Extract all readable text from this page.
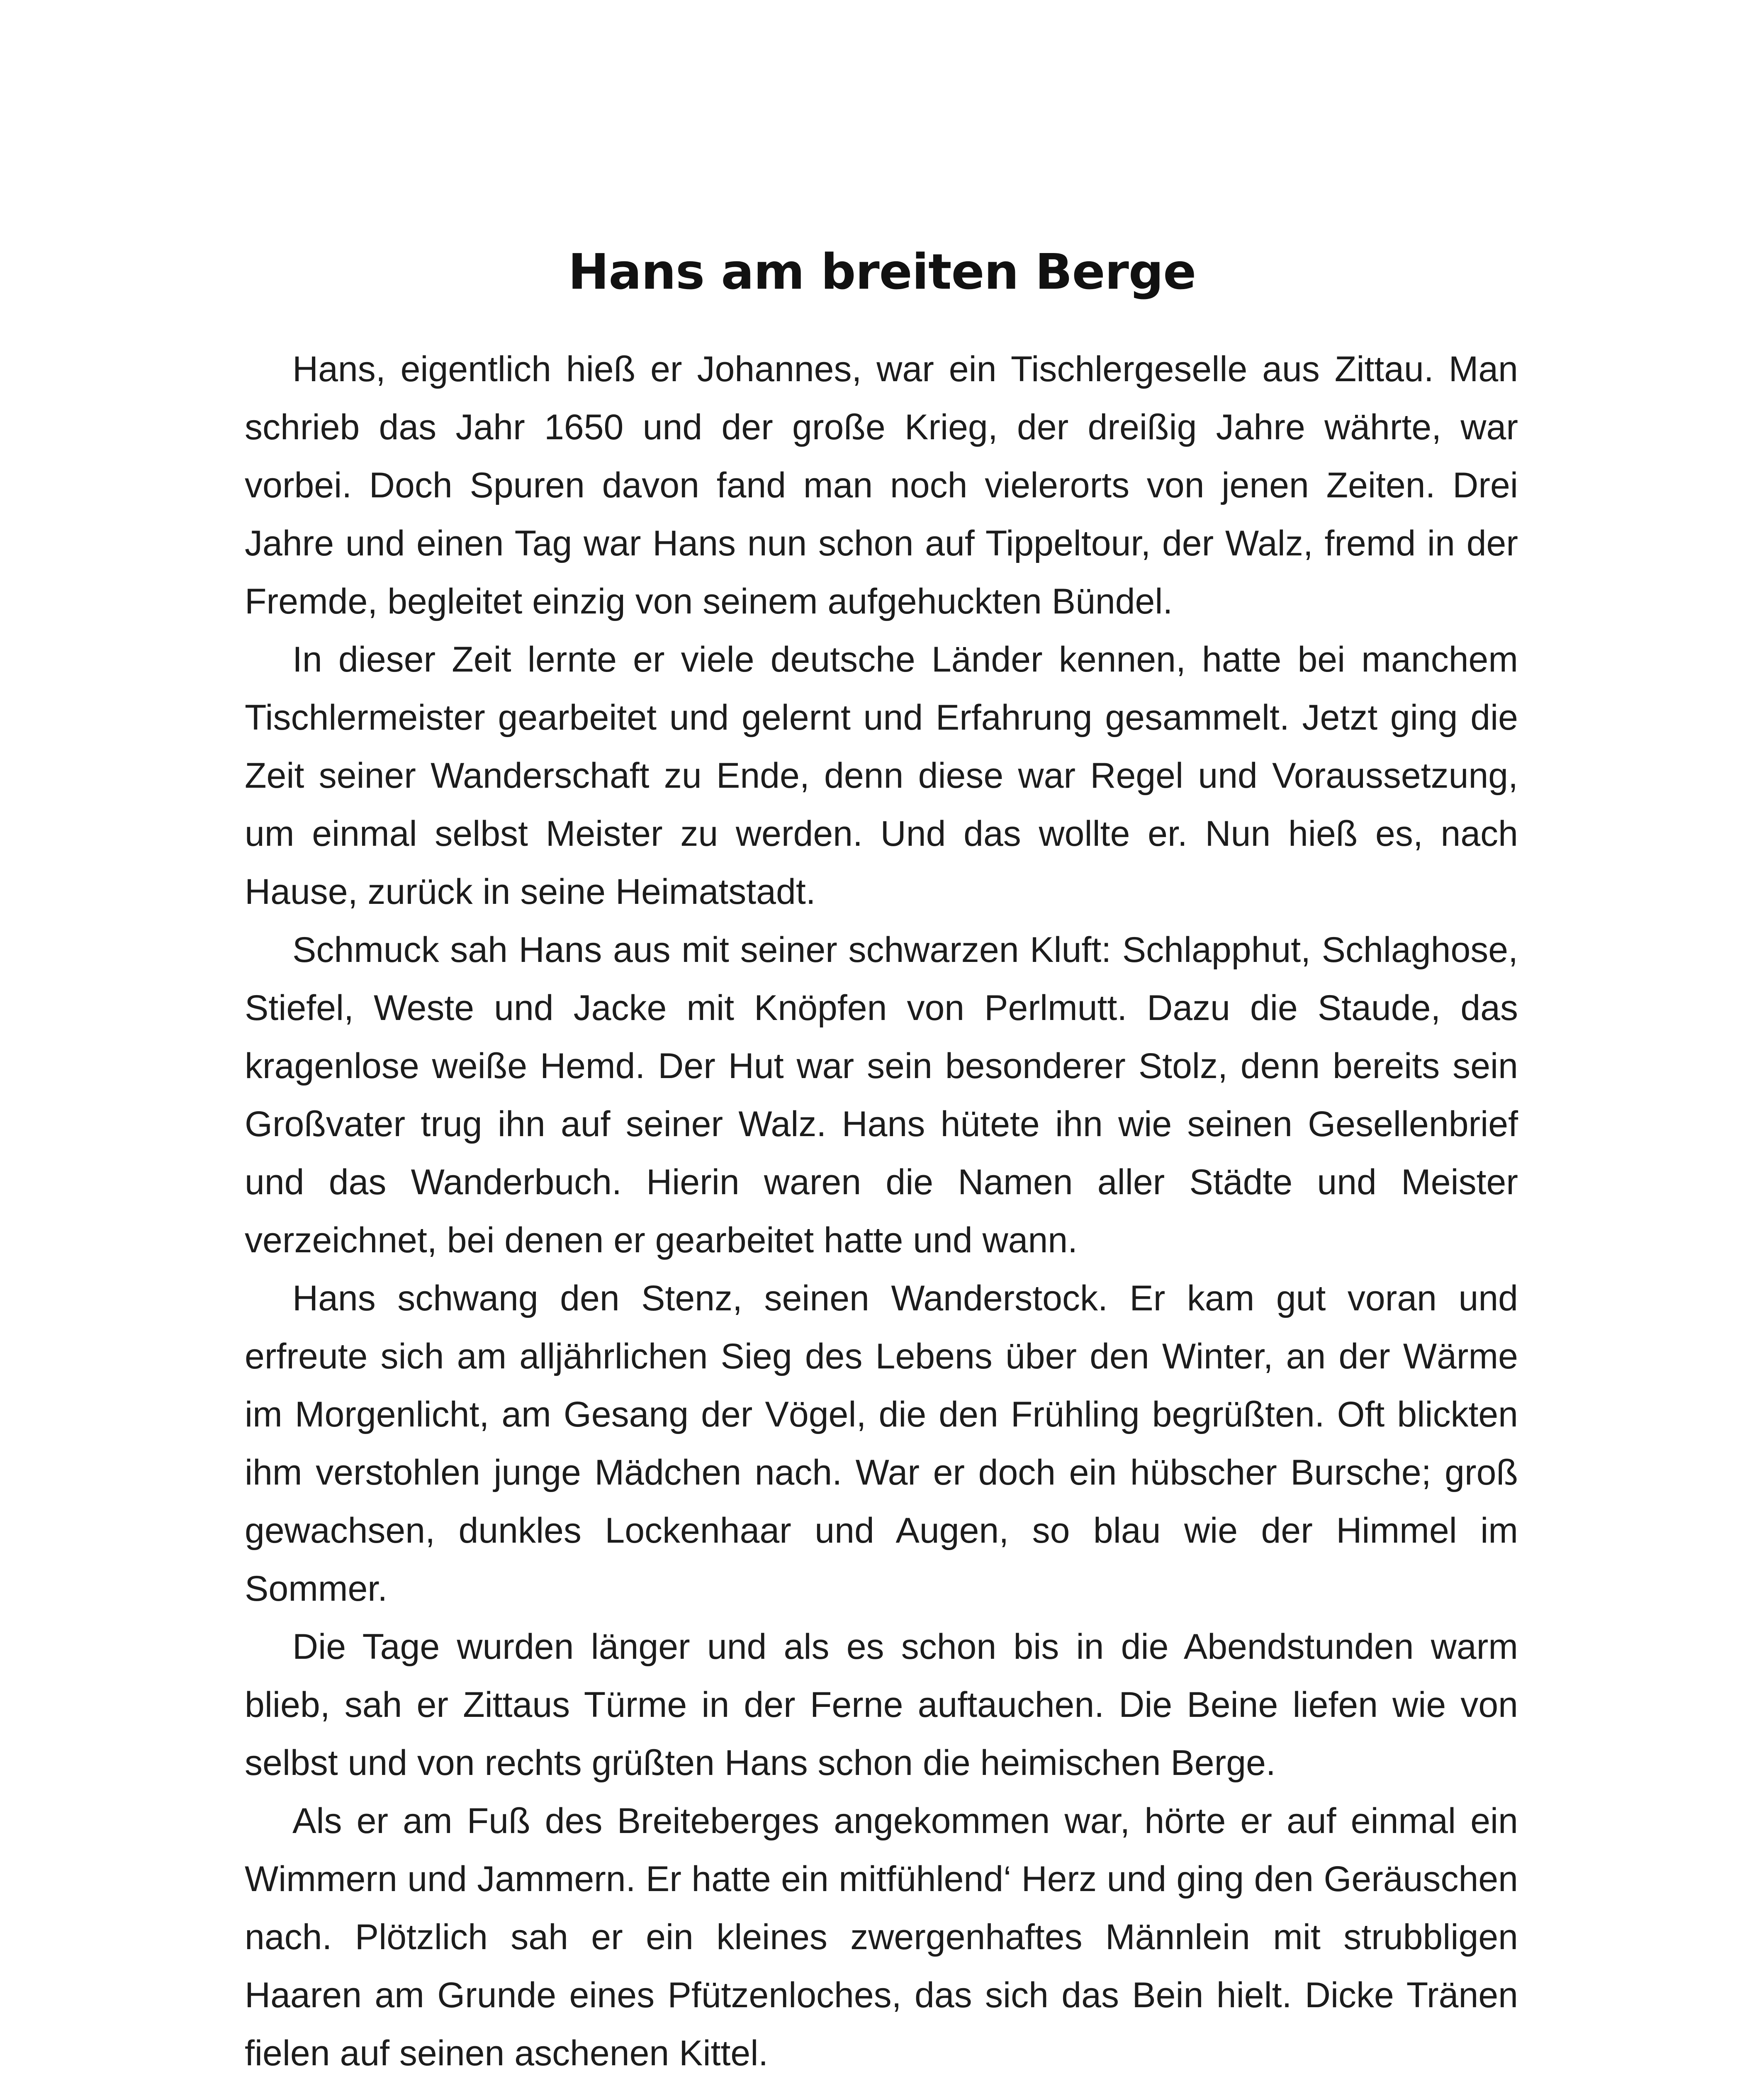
Hans am breiten Berge

Hans, eigentlich hieß er Johannes, war ein Tischlergeselle aus Zittau. Man schrieb das Jahr 1650 und der große Krieg, der dreißig Jahre währte, war vorbei. Doch Spuren davon fand man noch vielerorts von jenen Zeiten. Drei Jahre und einen Tag war Hans nun schon auf Tippeltour, der Walz, fremd in der Fremde, begleitet einzig von seinem aufgehuckten Bündel.

In dieser Zeit lernte er viele deutsche Länder kennen, hatte bei manchem Tischlermeister gearbeitet und gelernt und Erfahrung gesammelt. Jetzt ging die Zeit seiner Wanderschaft zu Ende, denn diese war Regel und Voraussetzung, um einmal selbst Meister zu werden. Und das wollte er. Nun hieß es, nach Hause, zurück in seine Heimatstadt.

Schmuck sah Hans aus mit seiner schwarzen Kluft: Schlapphut, Schlaghose, Stiefel, Weste und Jacke mit Knöpfen von Perlmutt. Dazu die Staude, das kragenlose weiße Hemd. Der Hut war sein besonderer Stolz, denn bereits sein Großvater trug ihn auf seiner Walz. Hans hütete ihn wie seinen Gesellenbrief und das Wanderbuch. Hierin waren die Namen aller Städte und Meister verzeichnet, bei denen er gearbeitet hatte und wann.

Hans schwang den Stenz, seinen Wanderstock. Er kam gut voran und erfreute sich am alljährlichen Sieg des Lebens über den Winter, an der Wärme im Morgenlicht, am Gesang der Vögel, die den Frühling begrüßten. Oft blickten ihm verstohlen junge Mädchen nach. War er doch ein hübscher Bursche; groß gewachsen, dunkles Lockenhaar und Augen, so blau wie der Himmel im Sommer.

Die Tage wurden länger und als es schon bis in die Abendstunden warm blieb, sah er Zittaus Türme in der Ferne auftauchen. Die Beine liefen wie von selbst und von rechts grüßten Hans schon die heimischen Berge.

Als er am Fuß des Breiteberges angekommen war, hörte er auf einmal ein Wimmern und Jammern. Er hatte ein mitfühlend‘ Herz und ging den Geräuschen nach. Plötzlich sah er ein kleines zwergenhaftes Männlein mit strubbligen Haaren am Grunde eines Pfützenloches, das sich das Bein hielt. Dicke Tränen fielen auf seinen aschenen Kittel.
